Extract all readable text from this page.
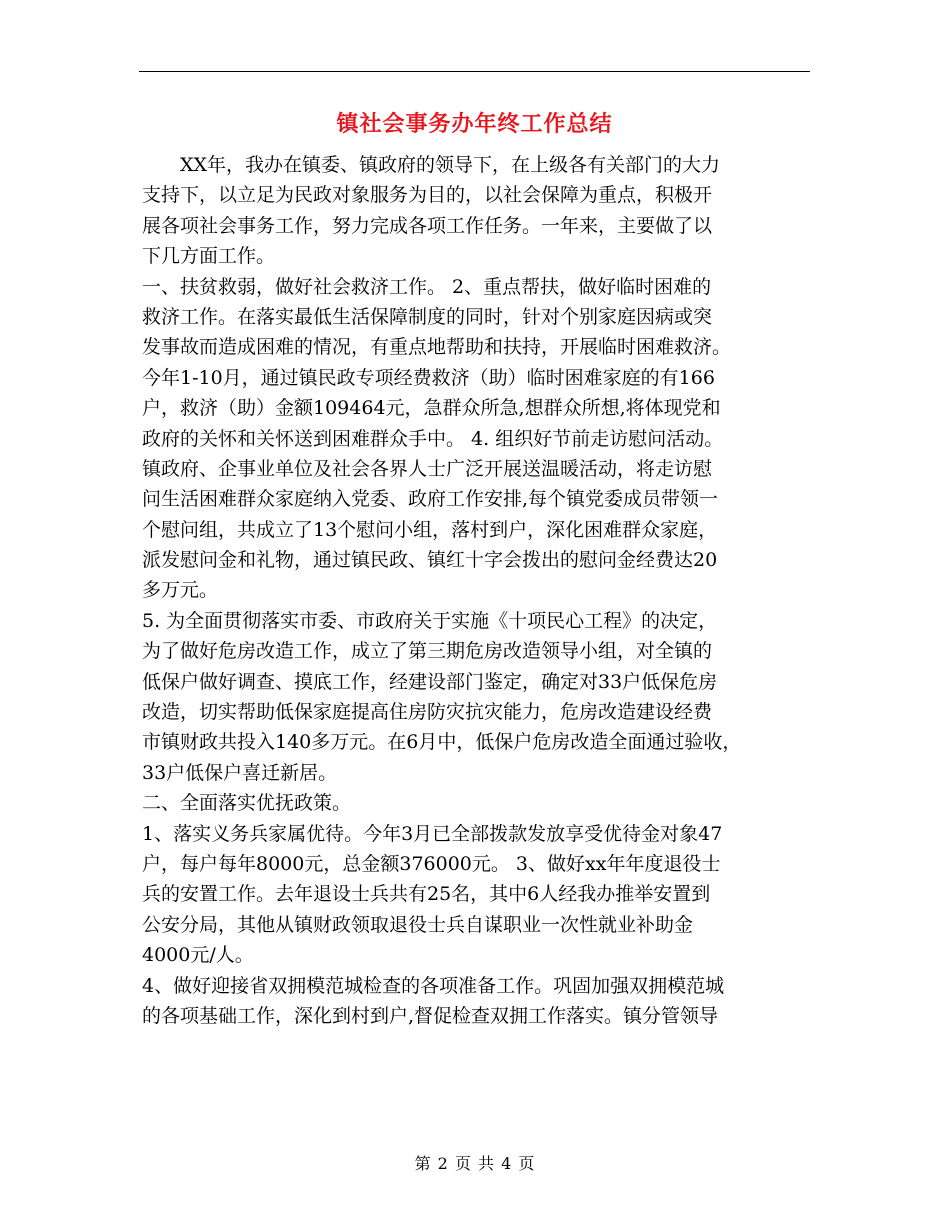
镇社会事务办年终工作总结
　　XX年，我办在镇委、镇政府的领导下，在上级各有关部门的大力
支持下，以立足为民政对象服务为目的，以社会保障为重点，积极开
展各项社会事务工作，努力完成各项工作任务。一年来，主要做了以
下几方面工作。
一、扶贫救弱，做好社会救济工作。 2、重点帮扶，做好临时困难的
救济工作。在落实最低生活保障制度的同时，针对个别家庭因病或突
发事故而造成困难的情况，有重点地帮助和扶持，开展临时困难救济。
今年1-10月，通过镇民政专项经费救济（助）临时困难家庭的有166
户，救济（助）金额109464元，急群众所急,想群众所想,将体现党和
政府的关怀和关怀送到困难群众手中。 4. 组织好节前走访慰问活动。
镇政府、企事业单位及社会各界人士广泛开展送温暖活动，将走访慰
问生活困难群众家庭纳入党委、政府工作安排,每个镇党委成员带领一
个慰问组，共成立了13个慰问小组，落村到户，深化困难群众家庭，
派发慰问金和礼物，通过镇民政、镇红十字会拨出的慰问金经费达20
多万元。
5. 为全面贯彻落实市委、市政府关于实施《十项民心工程》的决定，
为了做好危房改造工作，成立了第三期危房改造领导小组，对全镇的
低保户做好调查、摸底工作，经建设部门鉴定，确定对33户低保危房
改造，切实帮助低保家庭提高住房防灾抗灾能力，危房改造建设经费
市镇财政共投入140多万元。在6月中，低保户危房改造全面通过验收，
33户低保户喜迁新居。
二、全面落实优抚政策。
1、落实义务兵家属优待。今年3月已全部拨款发放享受优待金对象47
户，每户每年8000元，总金额376000元。 3、做好xx年年度退役士
兵的安置工作。去年退设士兵共有25名，其中6人经我办推举安置到
公安分局，其他从镇财政领取退役士兵自谋职业一次性就业补助金
4000元/人。
4、做好迎接省双拥模范城检查的各项准备工作。巩固加强双拥模范城
的各项基础工作，深化到村到户,督促检查双拥工作落实。镇分管领导
第 2 页 共 4 页
